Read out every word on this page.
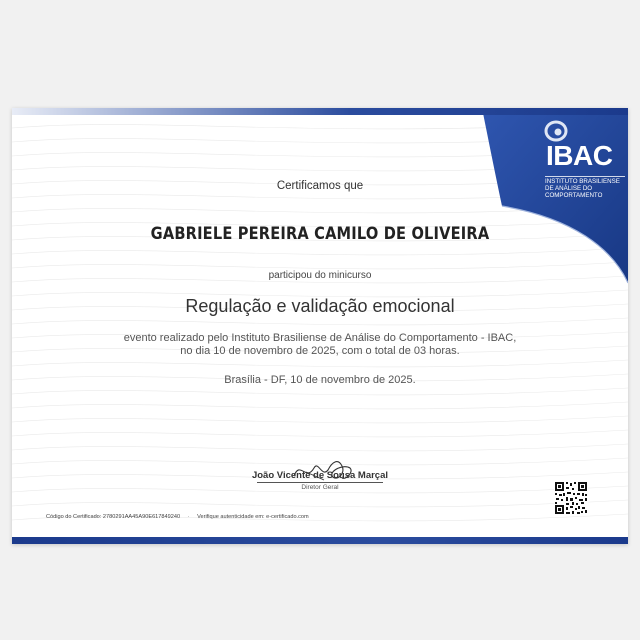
IBAC
INSTITUTO BRASILIENSE
DE ANÁLISE DO
COMPORTAMENTO
Certificamos que
GABRIELE PEREIRA CAMILO DE OLIVEIRA
participou do minicurso
Regulação e validação emocional
evento realizado pelo Instituto Brasiliense de Análise do Comportamento - IBAC,
no dia 10 de novembro de 2025, com o total de 03 horas.
Brasília - DF, 10 de novembro de 2025.
João Vicente de Sousa Marçal
Diretor Geral
Código do Certificado: 2780291AA45A90E617849240 · Verifique autenticidade em: e-certificado.com
